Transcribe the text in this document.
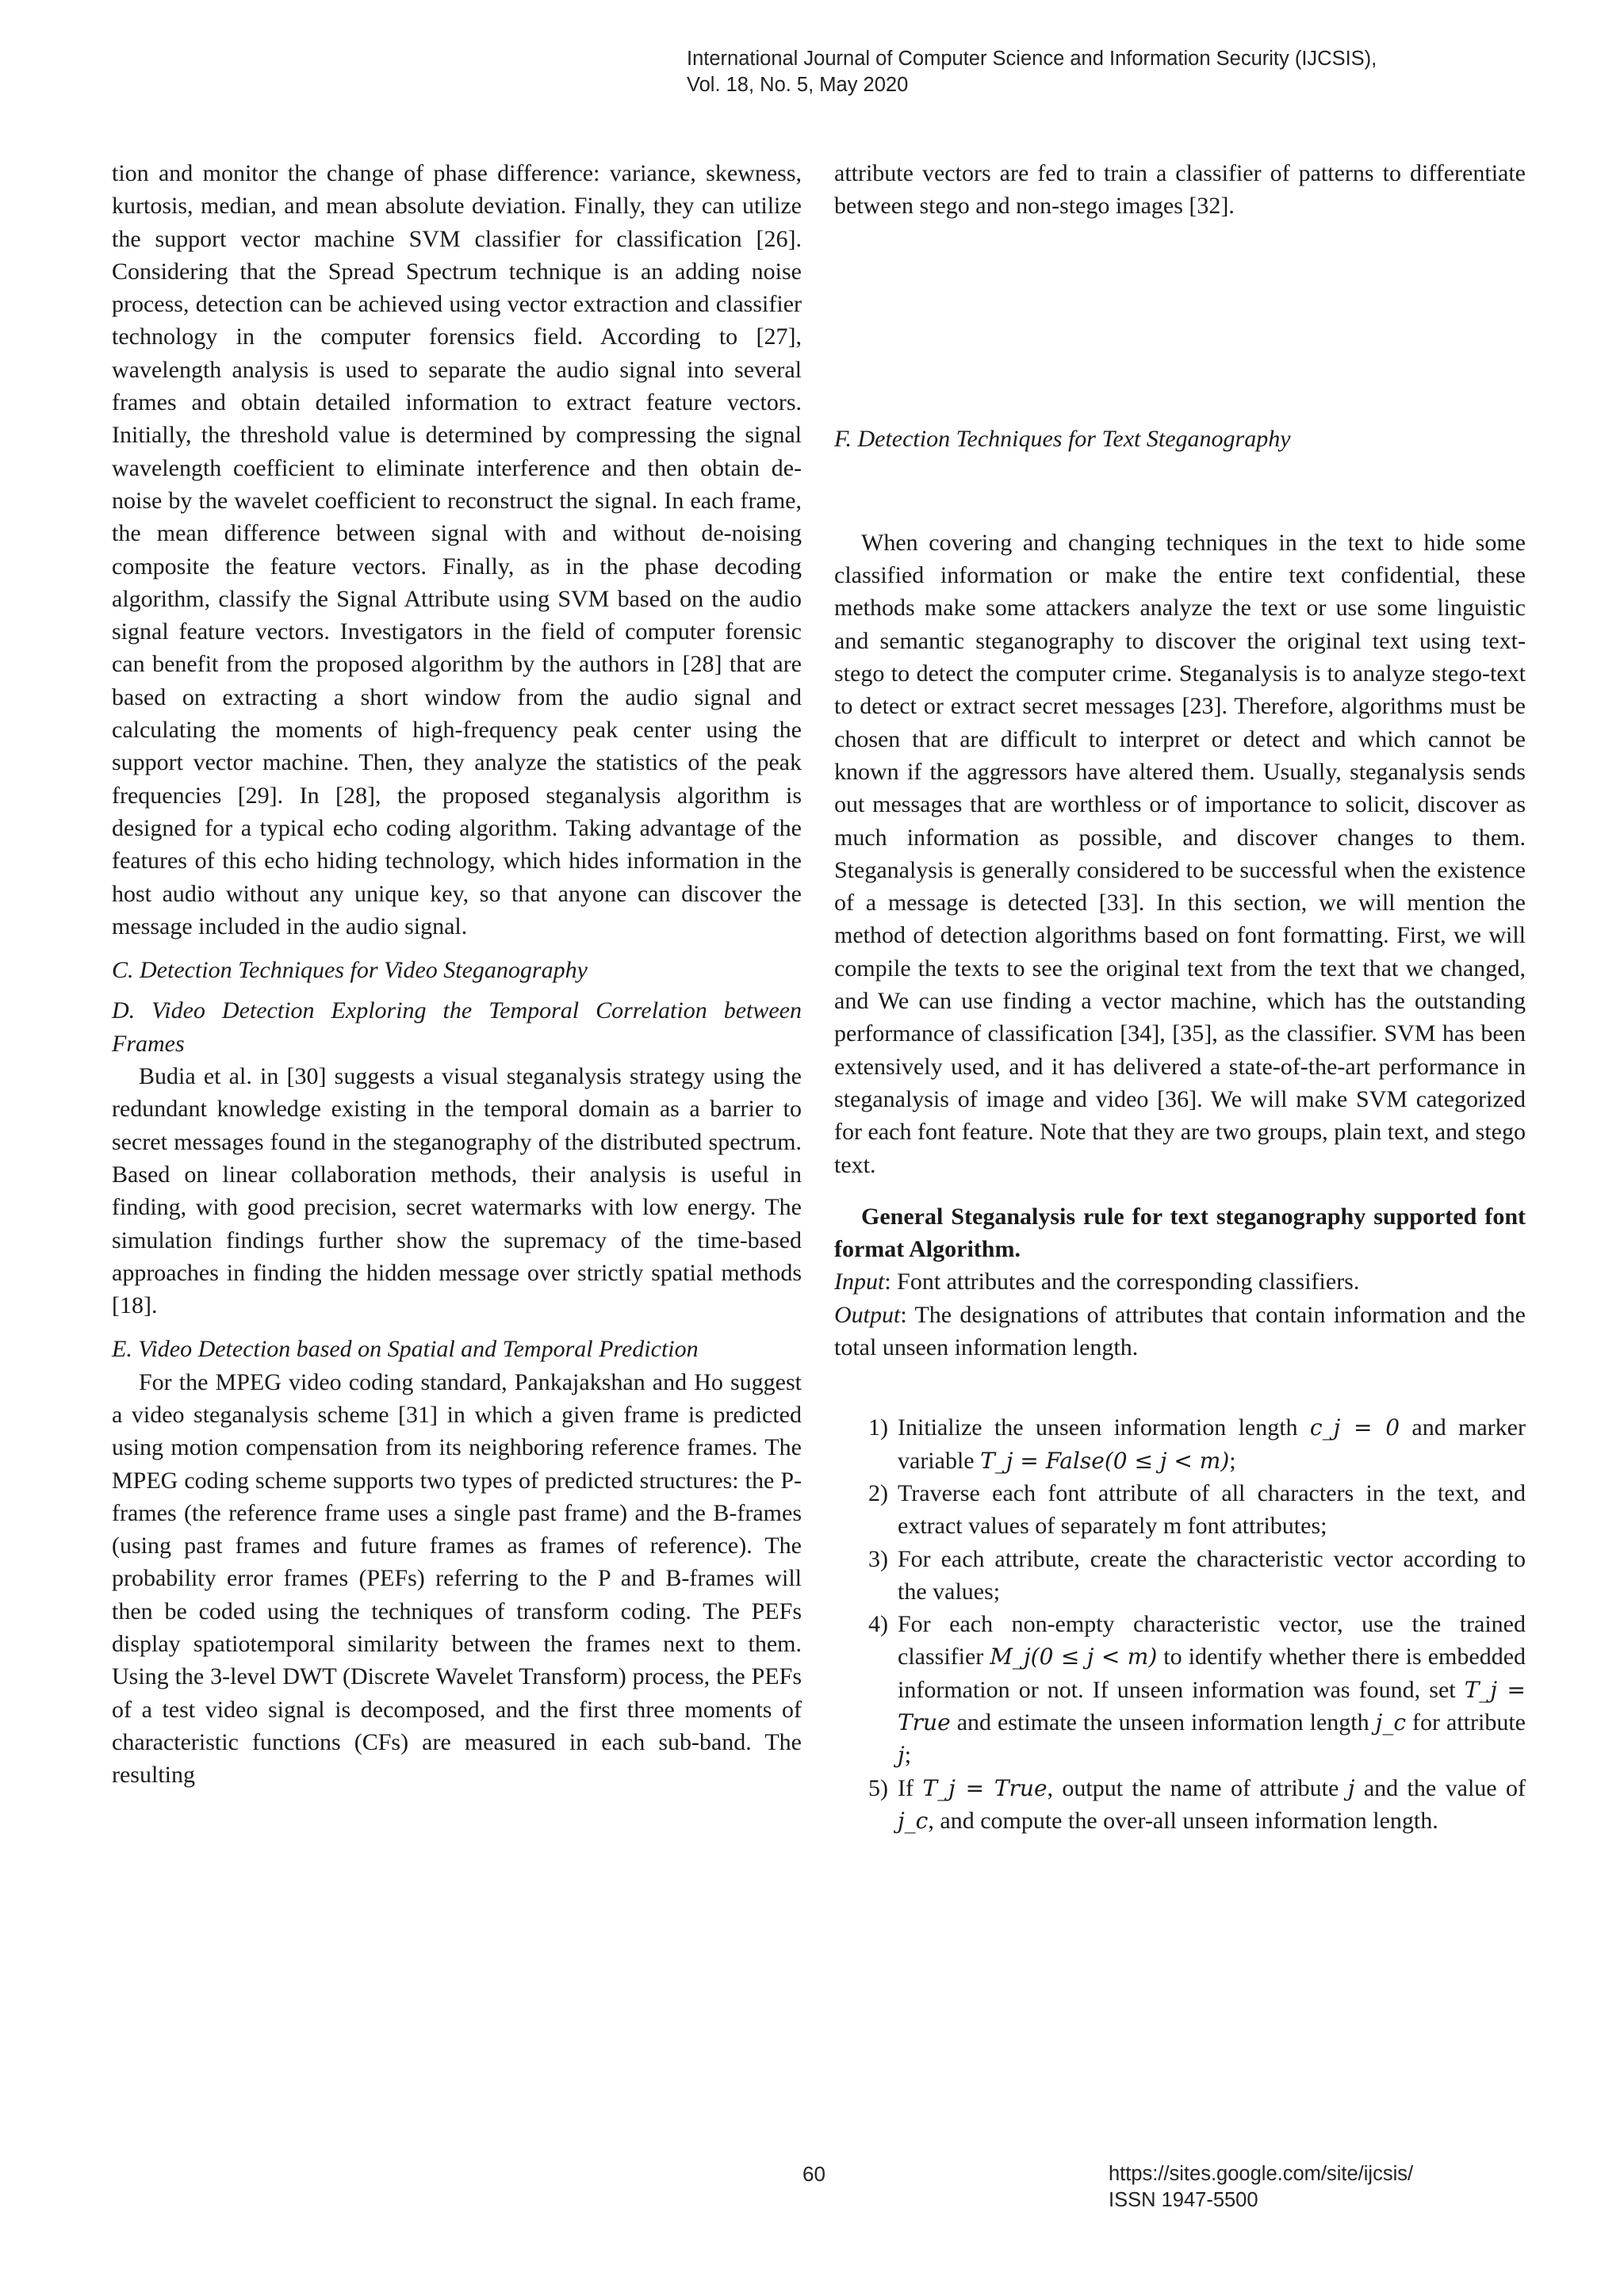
International Journal of Computer Science and Information Security (IJCSIS),
Vol. 18, No. 5, May 2020

tion and monitor the change of phase difference: variance, skewness, kurtosis, median, and mean absolute deviation. Finally, they can utilize the support vector machine SVM classifier for classification [26]. Considering that the Spread Spectrum technique is an adding noise process, detection can be achieved using vector extraction and classifier technology in the computer forensics field. According to [27], wavelength analysis is used to separate the audio signal into several frames and obtain detailed information to extract feature vectors. Initially, the threshold value is determined by compressing the signal wavelength coefficient to eliminate interference and then obtain de-noise by the wavelet coefficient to reconstruct the signal. In each frame, the mean difference between signal with and without de-noising composite the feature vectors. Finally, as in the phase decoding algorithm, classify the Signal Attribute using SVM based on the audio signal feature vectors. Investigators in the field of computer forensic can benefit from the proposed algorithm by the authors in [28] that are based on extracting a short window from the audio signal and calculating the moments of high-frequency peak center using the support vector machine. Then, they analyze the statistics of the peak frequencies [29]. In [28], the proposed steganalysis algorithm is designed for a typical echo coding algorithm. Taking advantage of the features of this echo hiding technology, which hides information in the host audio without any unique key, so that anyone can discover the message included in the audio signal.

C. Detection Techniques for Video Steganography

D. Video Detection Exploring the Temporal Correlation between Frames

Budia et al. in [30] suggests a visual steganalysis strategy using the redundant knowledge existing in the temporal domain as a barrier to secret messages found in the steganography of the distributed spectrum. Based on linear collaboration methods, their analysis is useful in finding, with good precision, secret watermarks with low energy. The simulation findings further show the supremacy of the time-based approaches in finding the hidden message over strictly spatial methods [18].

E. Video Detection based on Spatial and Temporal Prediction

For the MPEG video coding standard, Pankajakshan and Ho suggest a video steganalysis scheme [31] in which a given frame is predicted using motion compensation from its neighboring reference frames. The MPEG coding scheme supports two types of predicted structures: the P-frames (the reference frame uses a single past frame) and the B-frames (using past frames and future frames as frames of reference). The probability error frames (PEFs) referring to the P and B-frames will then be coded using the techniques of transform coding. The PEFs display spatiotemporal similarity between the frames next to them. Using the 3-level DWT (Discrete Wavelet Transform) process, the PEFs of a test video signal is decomposed, and the first three moments of characteristic functions (CFs) are measured in each sub-band. The resulting

attribute vectors are fed to train a classifier of patterns to differentiate between stego and non-stego images [32].

F. Detection Techniques for Text Steganography

When covering and changing techniques in the text to hide some classified information or make the entire text confidential, these methods make some attackers analyze the text or use some linguistic and semantic steganography to discover the original text using text-stego to detect the computer crime. Steganalysis is to analyze stego-text to detect or extract secret messages [23]. Therefore, algorithms must be chosen that are difficult to interpret or detect and which cannot be known if the aggressors have altered them. Usually, steganalysis sends out messages that are worthless or of importance to solicit, discover as much information as possible, and discover changes to them. Steganalysis is generally considered to be successful when the existence of a message is detected [33]. In this section, we will mention the method of detection algorithms based on font formatting. First, we will compile the texts to see the original text from the text that we changed, and We can use finding a vector machine, which has the outstanding performance of classification [34], [35], as the classifier. SVM has been extensively used, and it has delivered a state-of-the-art performance in steganalysis of image and video [36]. We will make SVM categorized for each font feature. Note that they are two groups, plain text, and stego text.

General Steganalysis rule for text steganography supported font format Algorithm.

Input: Font attributes and the corresponding classifiers.

Output: The designations of attributes that contain information and the total unseen information length.

1) Initialize the unseen information length c_j = 0 and marker variable T_j = False(0 ≤ j < m);
2) Traverse each font attribute of all characters in the text, and extract values of separately m font attributes;
3) For each attribute, create the characteristic vector according to the values;
4) For each non-empty characteristic vector, use the trained classifier M_j(0 ≤ j < m) to identify whether there is embedded information or not. If unseen information was found, set T_j = True and estimate the unseen information length j_c for attribute j;
5) If T_j = True, output the name of attribute j and the value of j_c, and compute the over-all unseen information length.
60	https://sites.google.com/site/ijcsis/
ISSN 1947-5500
